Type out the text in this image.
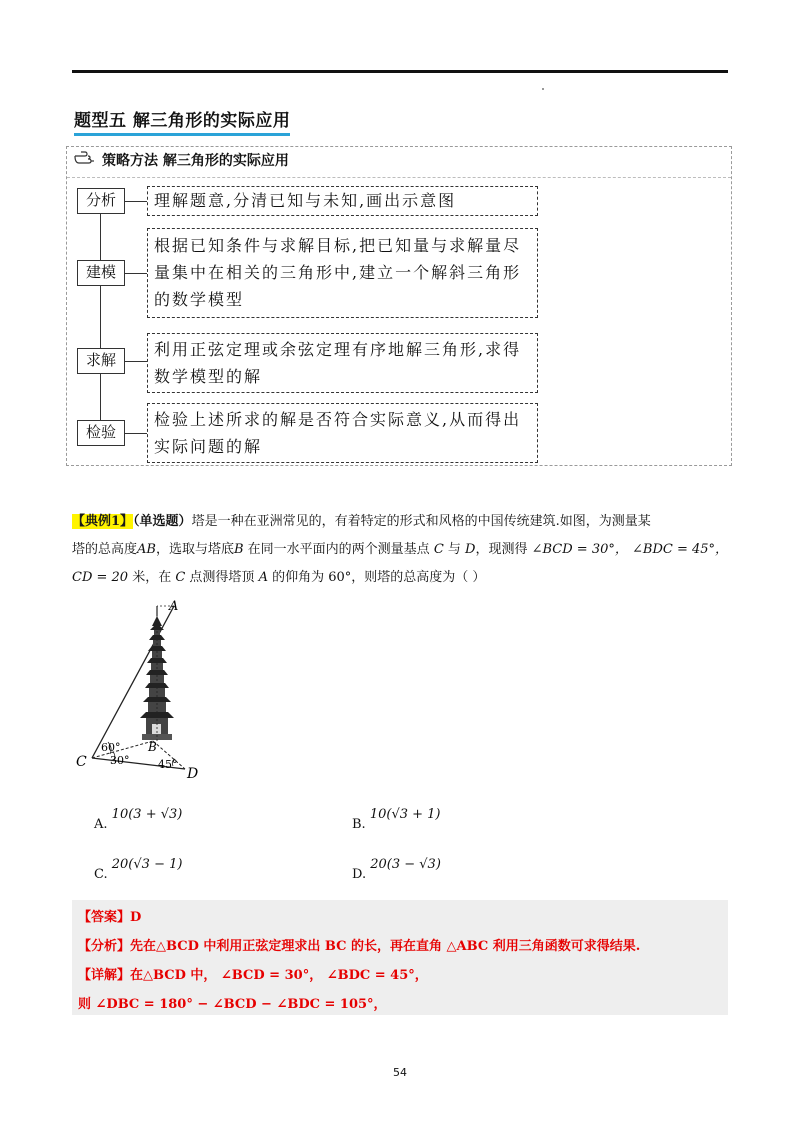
题型五 解三角形的实际应用
策略方法 解三角形的实际应用
分析	理解题意,分清已知与未知,画出示意图
建模
根据已知条件与求解目标,把已知量与求解量尽量集中在相关的三角形中,建立一个解斜三角形的数学模型
求解
利用正弦定理或余弦定理有序地解三角形,求得数学模型的解
检验
检验上述所求的解是否符合实际意义,从而得出实际问题的解
【典例1】（单选题）塔是一种在亚洲常见的，有着特定的形式和风格的中国传统建筑.如图，为测量某
塔的总高度AB，选取与塔底B 在同一水平面内的两个测量基点 C 与 D，现测得 ∠BCD = 30°， ∠BDC = 45°，
CD = 20 米，在 C 点测得塔顶 A 的仰角为 60°，则塔的总高度为（ ）
A
B
C
D
60°
30°	45°
A. 10(3 + √3)
B. 10(√3 + 1)
C. 20(√3 − 1)
D. 20(3 − √3)
【答案】D
【分析】先在△BCD 中利用正弦定理求出 BC 的长，再在直角 △ABC 利用三角函数可求得结果.
【详解】在△BCD 中， ∠BCD = 30°， ∠BDC = 45°，
则 ∠DBC = 180° − ∠BCD − ∠BDC = 105°，
54
